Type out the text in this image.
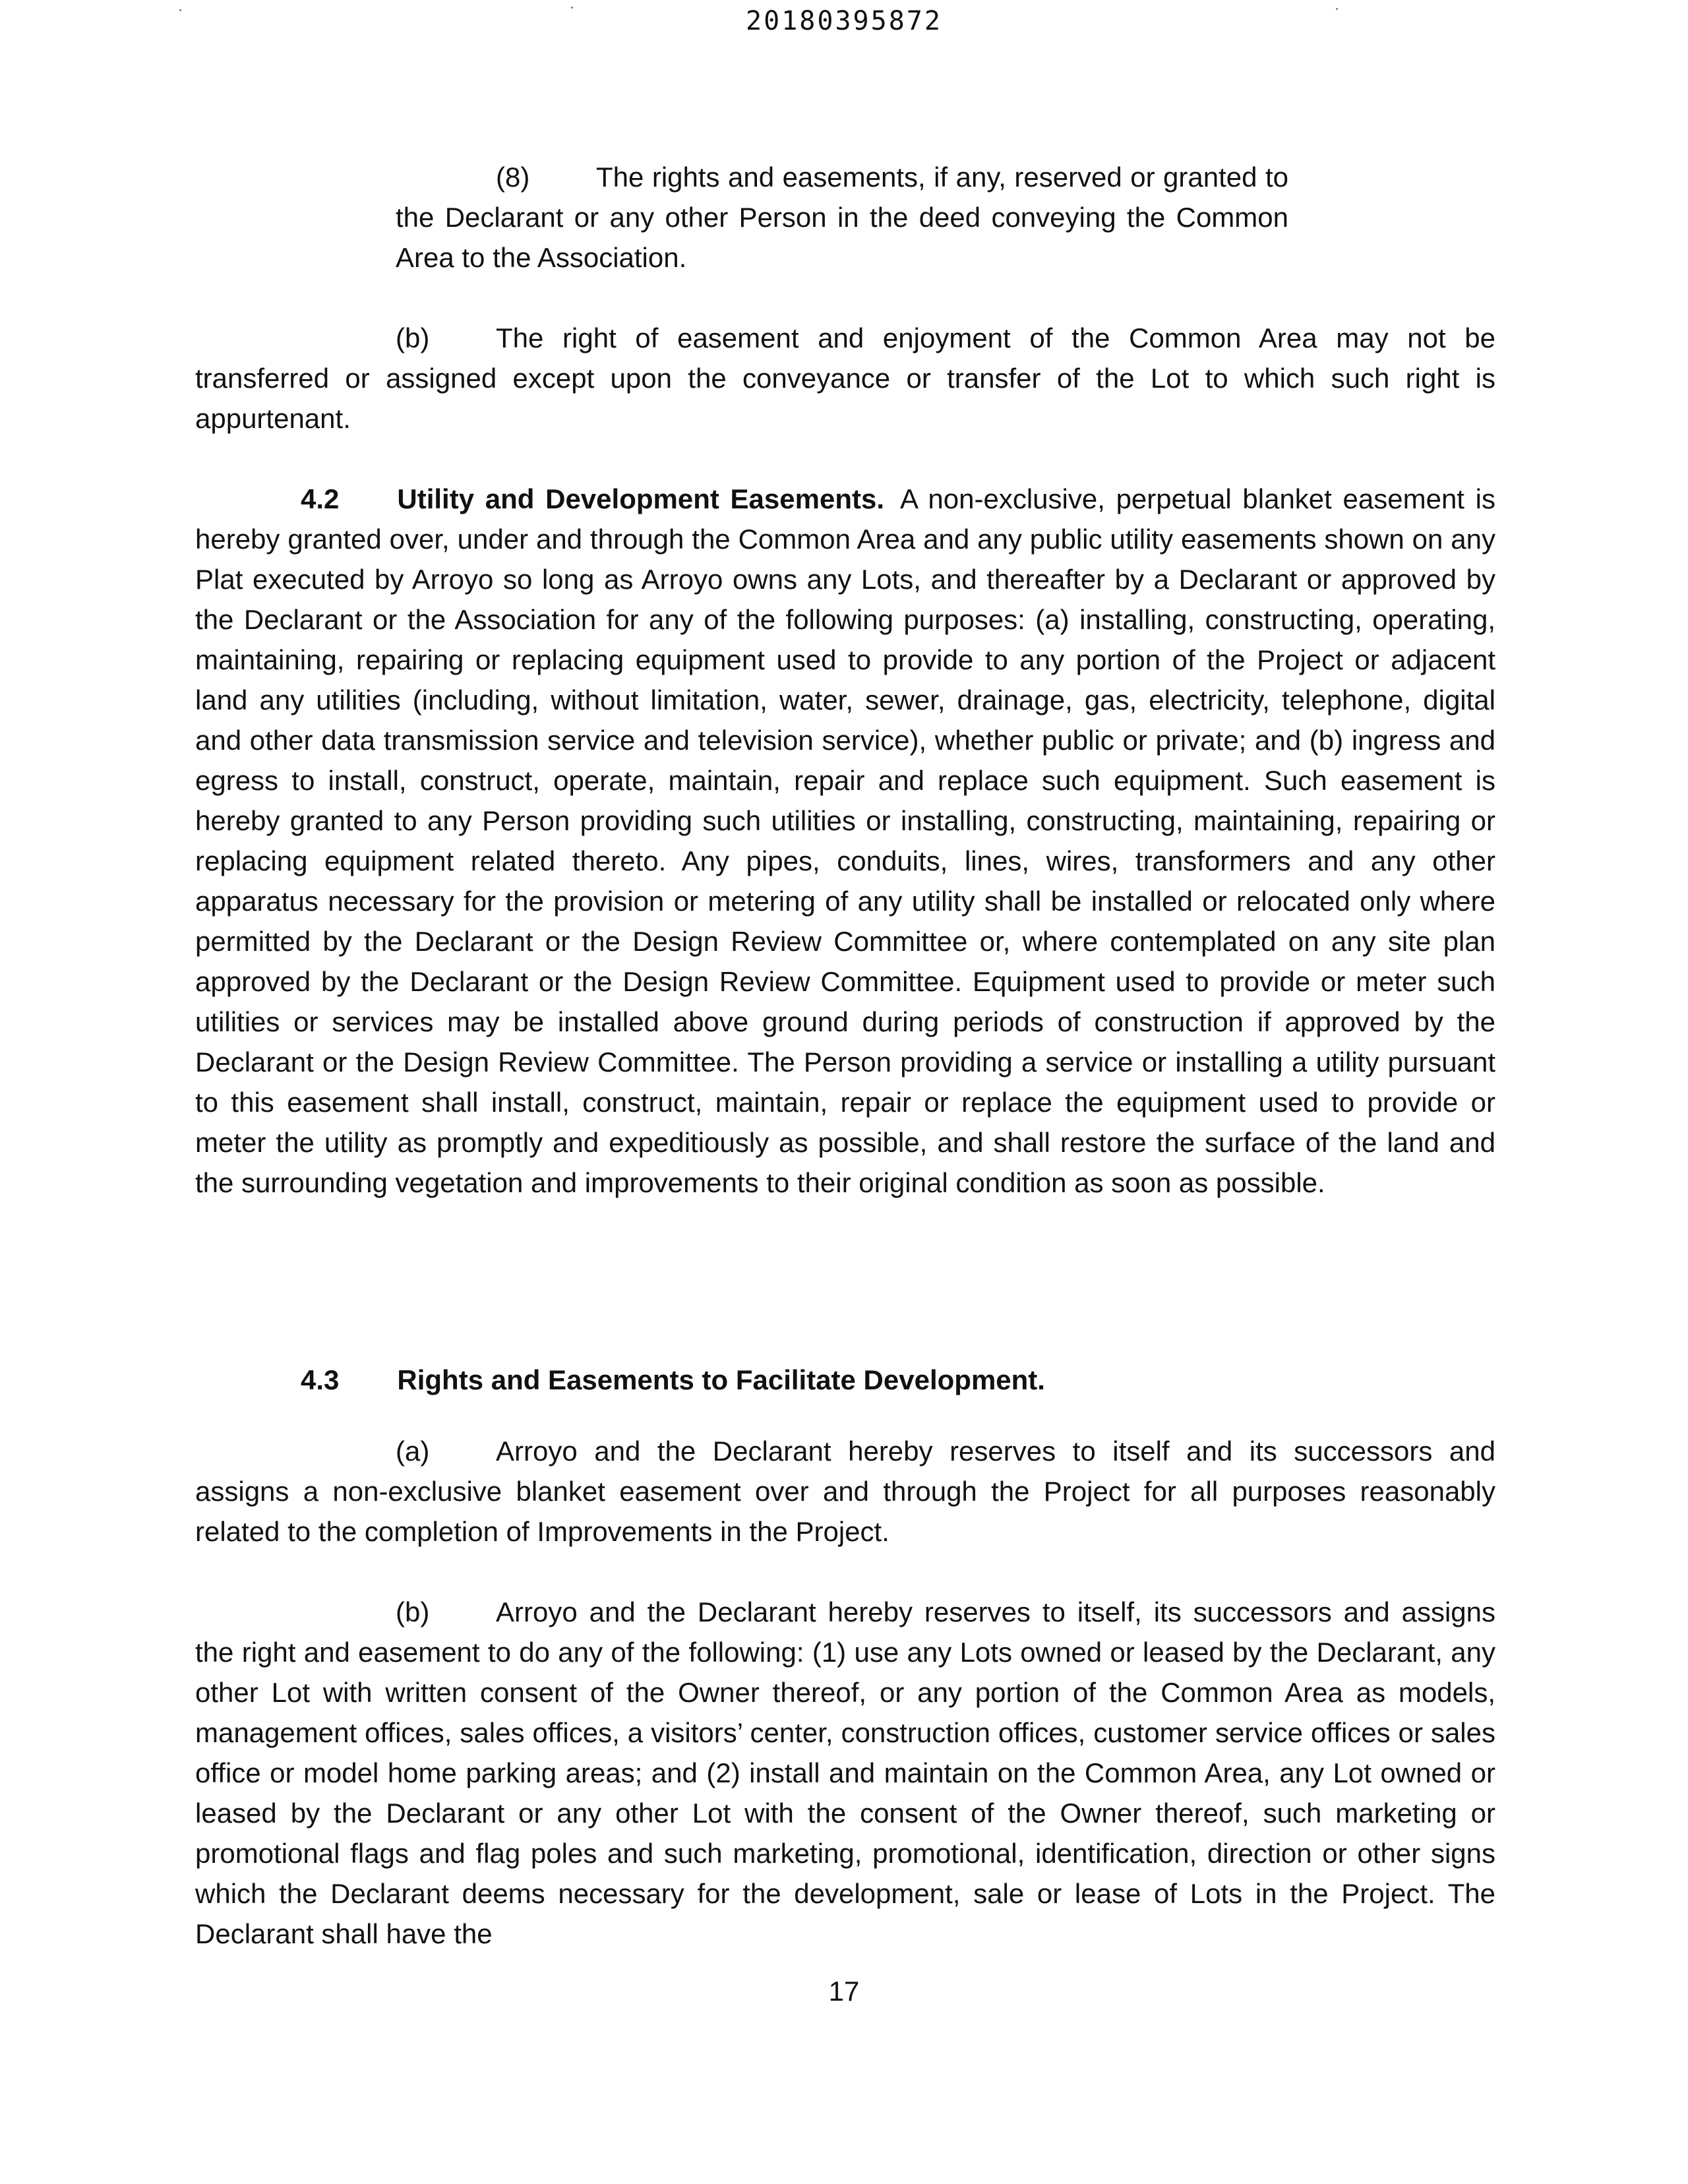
20180395872
(8) The rights and easements, if any, reserved or granted to the Declarant or any other Person in the deed conveying the Common Area to the Association.
(b) The right of easement and enjoyment of the Common Area may not be transferred or assigned except upon the conveyance or transfer of the Lot to which such right is appurtenant.
4.2 Utility and Development Easements. A non-exclusive, perpetual blanket easement is hereby granted over, under and through the Common Area and any public utility easements shown on any Plat executed by Arroyo so long as Arroyo owns any Lots, and thereafter by a Declarant or approved by the Declarant or the Association for any of the following purposes: (a) installing, constructing, operating, maintaining, repairing or replacing equipment used to provide to any portion of the Project or adjacent land any utilities (including, without limitation, water, sewer, drainage, gas, electricity, telephone, digital and other data transmission service and television service), whether public or private; and (b) ingress and egress to install, construct, operate, maintain, repair and replace such equipment. Such easement is hereby granted to any Person providing such utilities or installing, constructing, maintaining, repairing or replacing equipment related thereto. Any pipes, conduits, lines, wires, transformers and any other apparatus necessary for the provision or metering of any utility shall be installed or relocated only where permitted by the Declarant or the Design Review Committee or, where contemplated on any site plan approved by the Declarant or the Design Review Committee. Equipment used to provide or meter such utilities or services may be installed above ground during periods of construction if approved by the Declarant or the Design Review Committee. The Person providing a service or installing a utility pursuant to this easement shall install, construct, maintain, repair or replace the equipment used to provide or meter the utility as promptly and expeditiously as possible, and shall restore the surface of the land and the surrounding vegetation and improvements to their original condition as soon as possible.
4.3 Rights and Easements to Facilitate Development.
(a) Arroyo and the Declarant hereby reserves to itself and its successors and assigns a non-exclusive blanket easement over and through the Project for all purposes reasonably related to the completion of Improvements in the Project.
(b) Arroyo and the Declarant hereby reserves to itself, its successors and assigns the right and easement to do any of the following: (1) use any Lots owned or leased by the Declarant, any other Lot with written consent of the Owner thereof, or any portion of the Common Area as models, management offices, sales offices, a visitors’ center, construction offices, customer service offices or sales office or model home parking areas; and (2) install and maintain on the Common Area, any Lot owned or leased by the Declarant or any other Lot with the consent of the Owner thereof, such marketing or promotional flags and flag poles and such marketing, promotional, identification, direction or other signs which the Declarant deems necessary for the development, sale or lease of Lots in the Project. The Declarant shall have the
17
